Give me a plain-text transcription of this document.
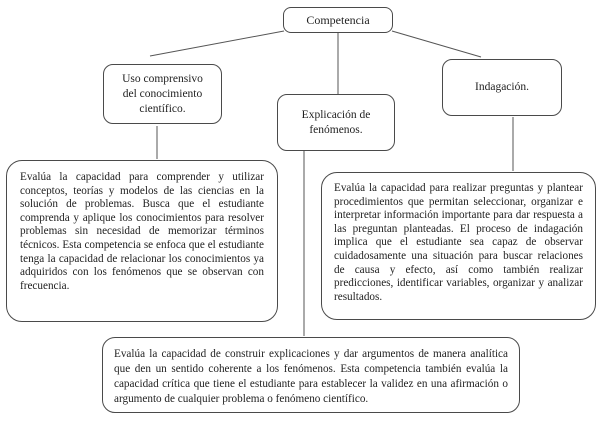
Competencia
Uso comprensivo del conocimiento científico.	Explicación de fenómenos.
Indagación.
Evalúa la capacidad para comprender y utilizar conceptos, teorías y modelos de las ciencias en la solución de problemas. Busca que el estudiante comprenda y aplique los conocimientos para resolver problemas sin necesidad de memorizar términos técnicos. Esta competencia se enfoca que el estudiante tenga la capacidad de relacionar los conocimientos ya adquiridos con los fenómenos que se observan con frecuencia.
Evalúa la capacidad para realizar preguntas y plantear procedimientos que permitan seleccionar, organizar e interpretar información importante para dar respuesta a las preguntan planteadas. El proceso de indagación implica que el estudiante sea capaz de observar cuidadosamente una situación para buscar relaciones de causa y efecto, así como también realizar predicciones, identificar variables, organizar y analizar resultados.
Evalúa la capacidad de construir explicaciones y dar argumentos de manera analítica que den un sentido coherente a los fenómenos. Esta competencia también evalúa la capacidad crítica que tiene el estudiante para establecer la validez en una afirmación o argumento de cualquier problema o fenómeno científico.
